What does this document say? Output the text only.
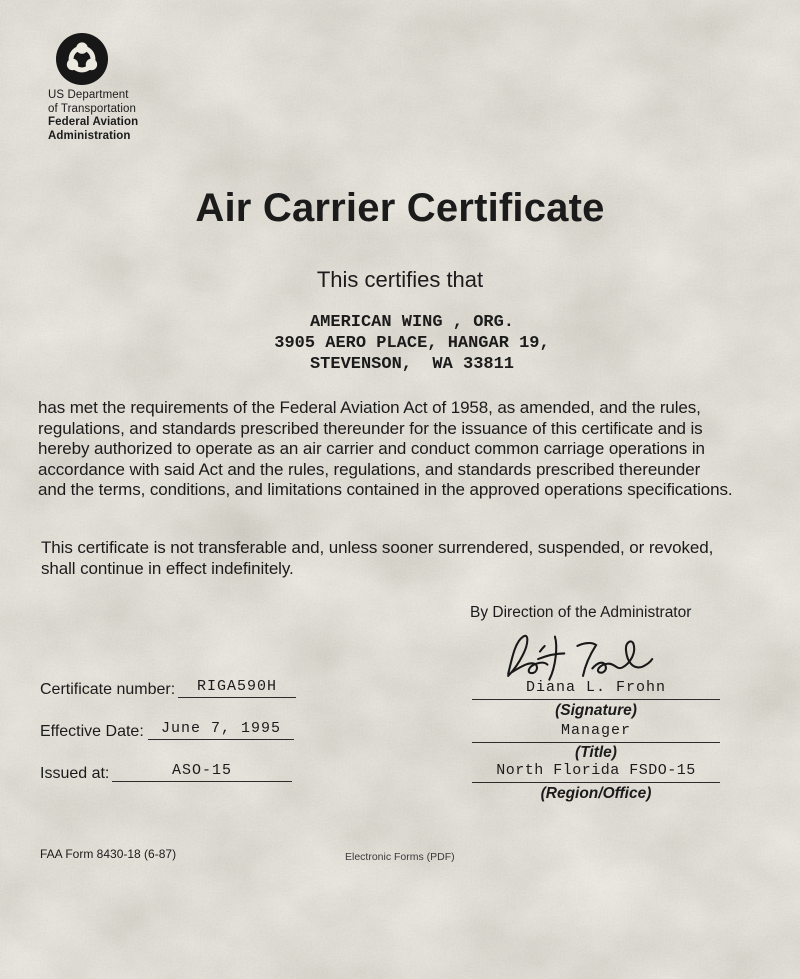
US Department
of Transportation
Federal Aviation
Administration
Air Carrier Certificate
This certifies that
AMERICAN WING , ORG.
3905 AERO PLACE, HANGAR 19,
STEVENSON,  WA 33811
has met the requirements of the Federal Aviation Act of 1958, as amended, and the rules,
regulations, and standards prescribed thereunder for the issuance of this certificate and is
hereby authorized to operate as an air carrier and conduct common carriage operations in
accordance with said Act and the rules, regulations, and standards prescribed thereunder
and the terms, conditions, and limitations contained in the approved operations specifications.
This certificate is not transferable and, unless sooner surrendered, suspended, or revoked,
shall continue in effect indefinitely.
By Direction of the Administrator
Diana L. Frohn
(Signature)
Manager
(Title)
North Florida FSDO-15
(Region/Office)
Certificate number:	RIGA590H
Effective Date:	June 7, 1995
Issued at:	ASO-15
FAA Form 8430-18 (6-87)	Electronic Forms (PDF)
